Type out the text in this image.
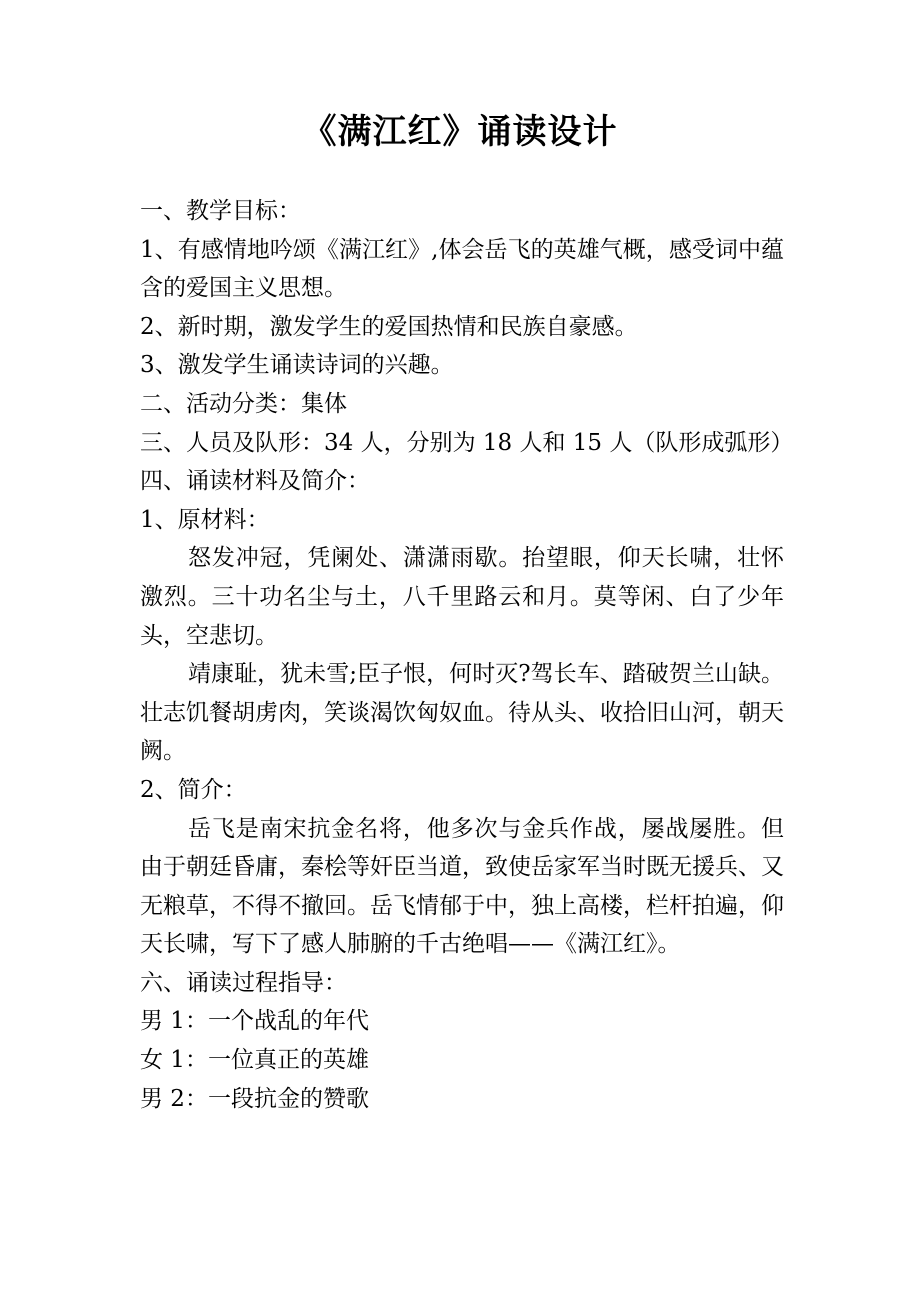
《满江红》诵读设计

一、教学目标：

1、有感情地吟颂《满江红》,体会岳飞的英雄气概，感受词中蕴含的爱国主义思想。

2、新时期，激发学生的爱国热情和民族自豪感。

3、激发学生诵读诗词的兴趣。

二、活动分类：集体

三、人员及队形：34 人，分别为 18 人和 15 人（队形成弧形）

四、诵读材料及简介：

1、原材料：

怒发冲冠，凭阑处、潇潇雨歇。抬望眼，仰天长啸，壮怀激烈。三十功名尘与土，八千里路云和月。莫等闲、白了少年头，空悲切。

靖康耻，犹未雪;臣子恨，何时灭?驾长车、踏破贺兰山缺。壮志饥餐胡虏肉，笑谈渴饮匈奴血。待从头、收拾旧山河，朝天阙。

2、简介：

岳飞是南宋抗金名将，他多次与金兵作战，屡战屡胜。但由于朝廷昏庸，秦桧等奸臣当道，致使岳家军当时既无援兵、又无粮草，不得不撤回。岳飞情郁于中，独上高楼，栏杆拍遍，仰天长啸，写下了感人肺腑的千古绝唱——《满江红》。

六、诵读过程指导：

男 1：一个战乱的年代

女 1：一位真正的英雄

男 2：一段抗金的赞歌
